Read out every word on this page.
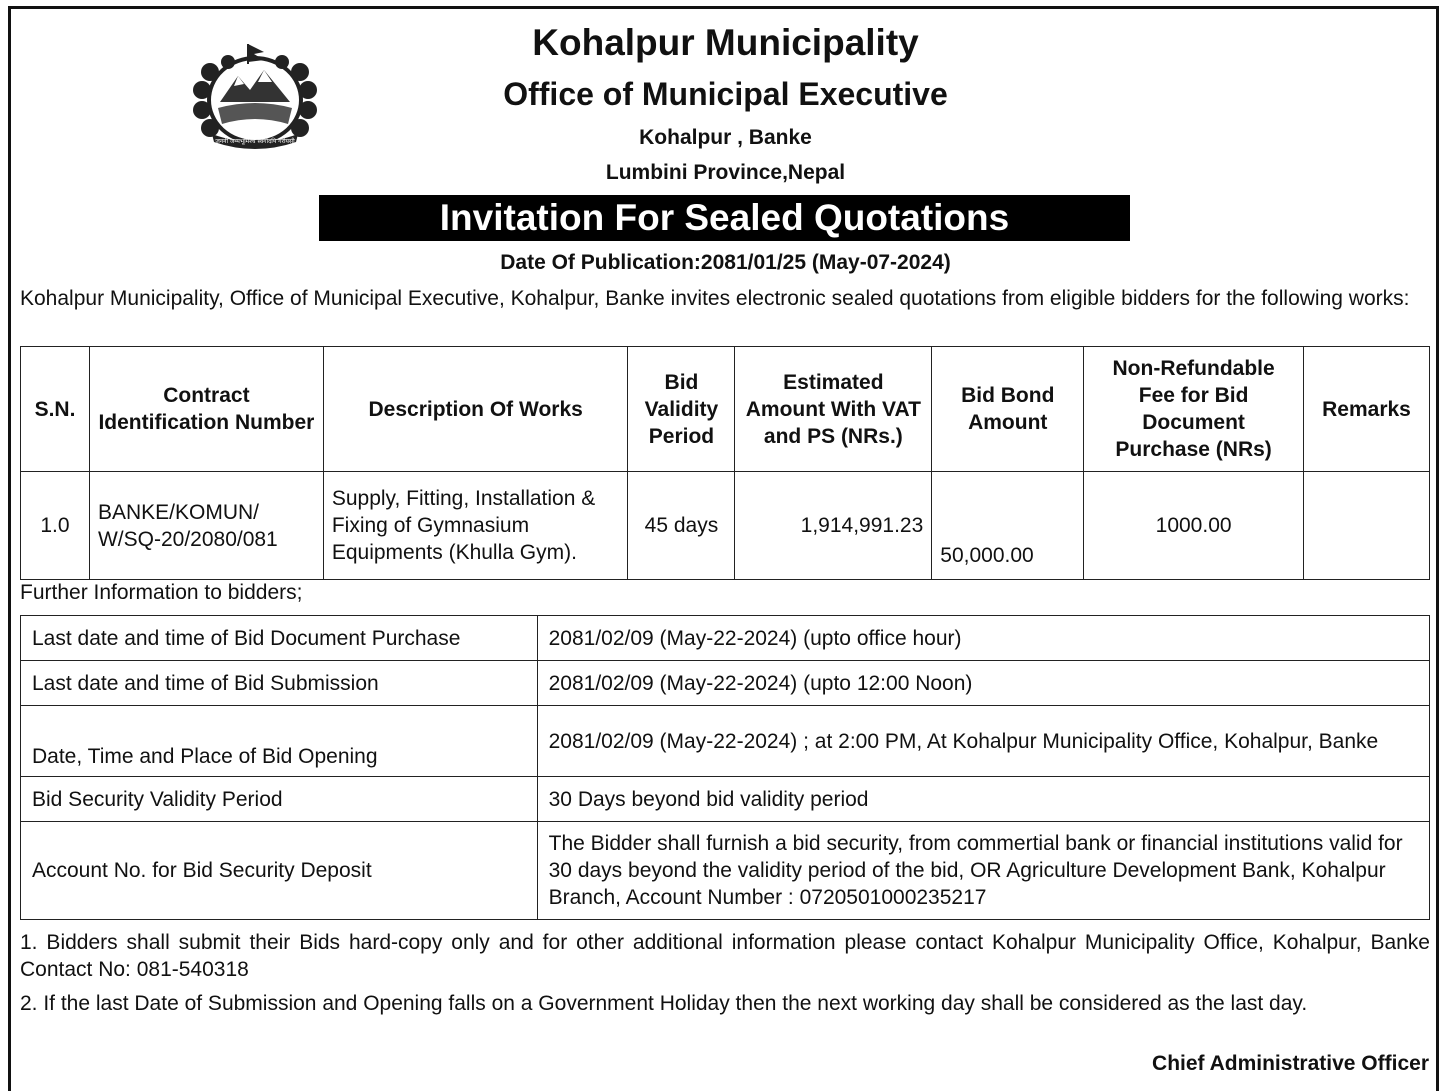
जननी जन्मभूमिश्च स्वर्गादपि गरीयसी
Kohalpur Municipality
Office of Municipal Executive
Kohalpur , Banke
Lumbini Province,Nepal
Invitation For Sealed Quotations
Date Of Publication:2081/01/25 (May-07-2024)
Kohalpur Municipality, Office of Municipal Executive, Kohalpur, Banke invites electronic sealed quotations from eligible bidders for the following works:
S.N.	Contract Identification Number	Description Of Works	Bid Validity Period	Estimated Amount With VAT and PS (NRs.)	Bid Bond Amount	Non-Refundable Fee for Bid Document Purchase (NRs)	Remarks
1.0	BANKE/KOMUN/ W/SQ-20/2080/081	Supply, Fitting, Installation & Fixing of Gymnasium Equipments (Khulla Gym).	45 days	1,914,991.23	50,000.00	1000.00	
Further Information to bidders;
Last date and time of Bid Document Purchase	2081/02/09 (May-22-2024) (upto office hour)
Last date and time of Bid Submission	2081/02/09 (May-22-2024) (upto 12:00 Noon)
Date, Time and Place of Bid Opening	2081/02/09 (May-22-2024) ; at 2:00 PM, At Kohalpur Municipality Office, Kohalpur, Banke
Bid Security Validity Period	30 Days beyond bid validity period
Account No. for Bid Security Deposit	The Bidder shall furnish a bid security, from commertial bank or financial institutions valid for 30 days beyond the validity period of the bid, OR Agriculture Development Bank, Kohalpur Branch, Account Number : 0720501000235217
1. Bidders shall submit their Bids hard-copy only and for other additional information please contact Kohalpur Municipality Office, Kohalpur, Banke Contact No: 081-540318
2. If the last Date of Submission and Opening falls on a Government Holiday then the next working day shall be considered as the last day.
Chief Administrative Officer
